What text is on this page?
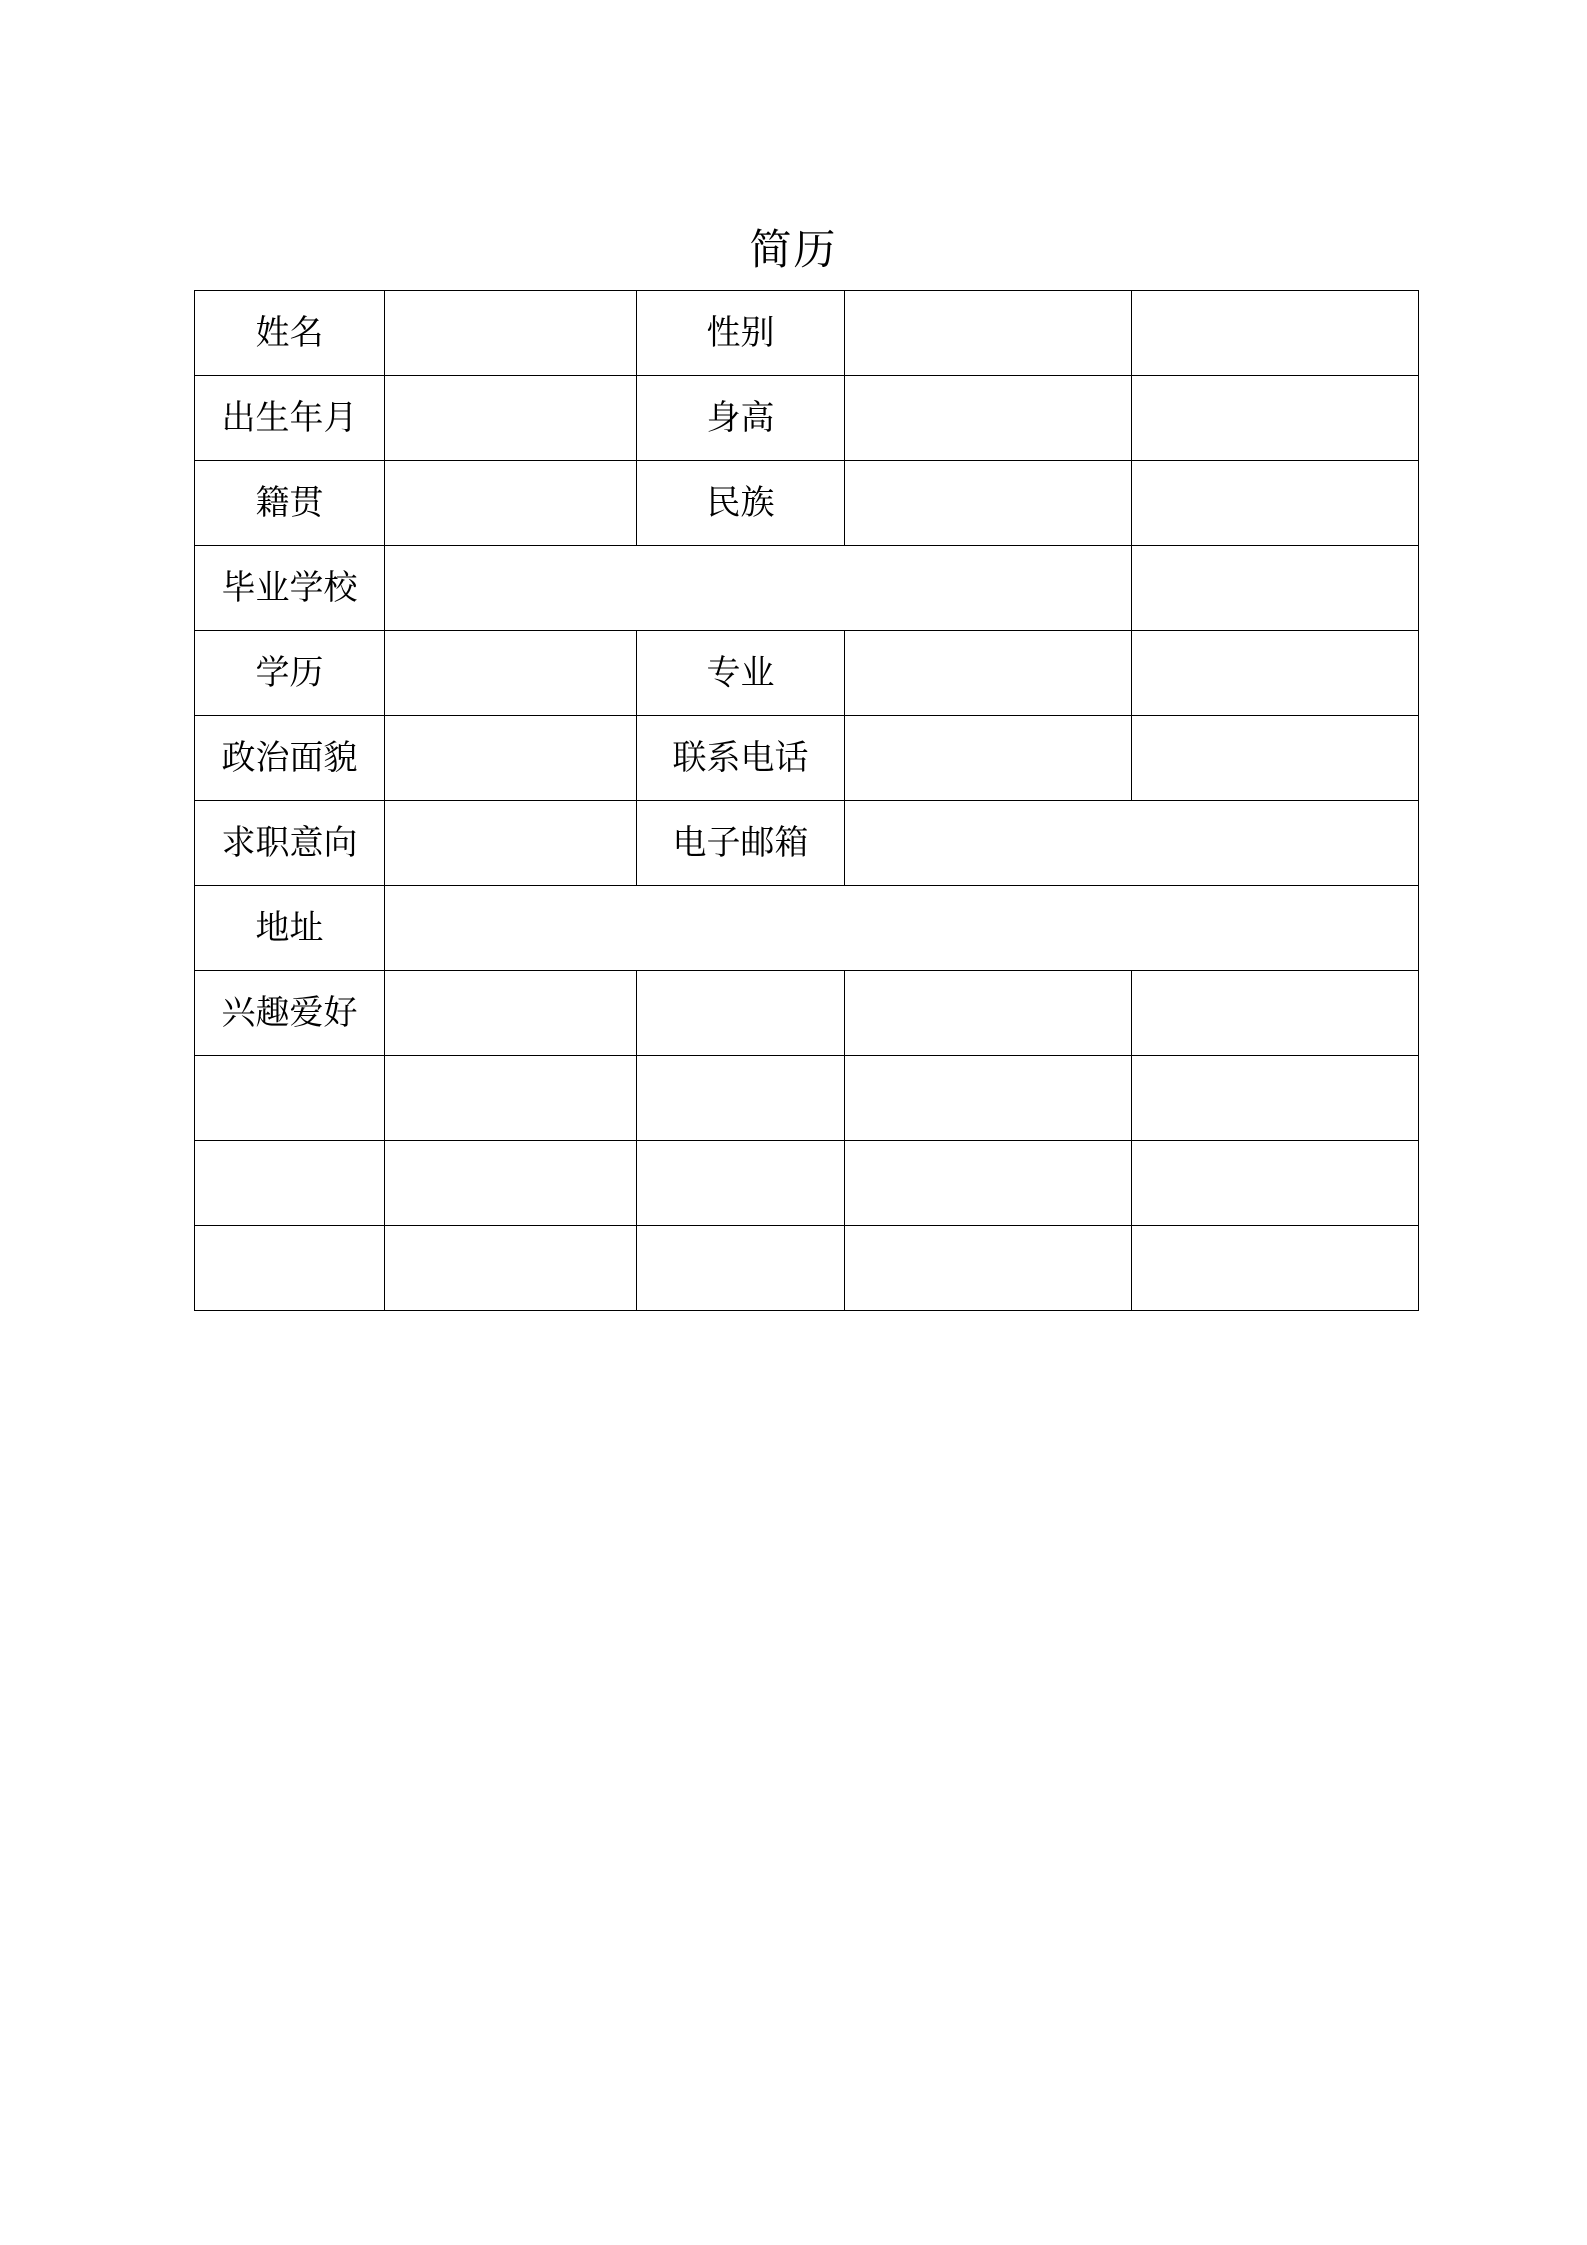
简历
姓名		性别		
出生年月		身高		
籍贯		民族		
毕业学校				
学历		专业		
政治面貌		联系电话		
求职意向		电子邮箱		
地址				
兴趣爱好				
